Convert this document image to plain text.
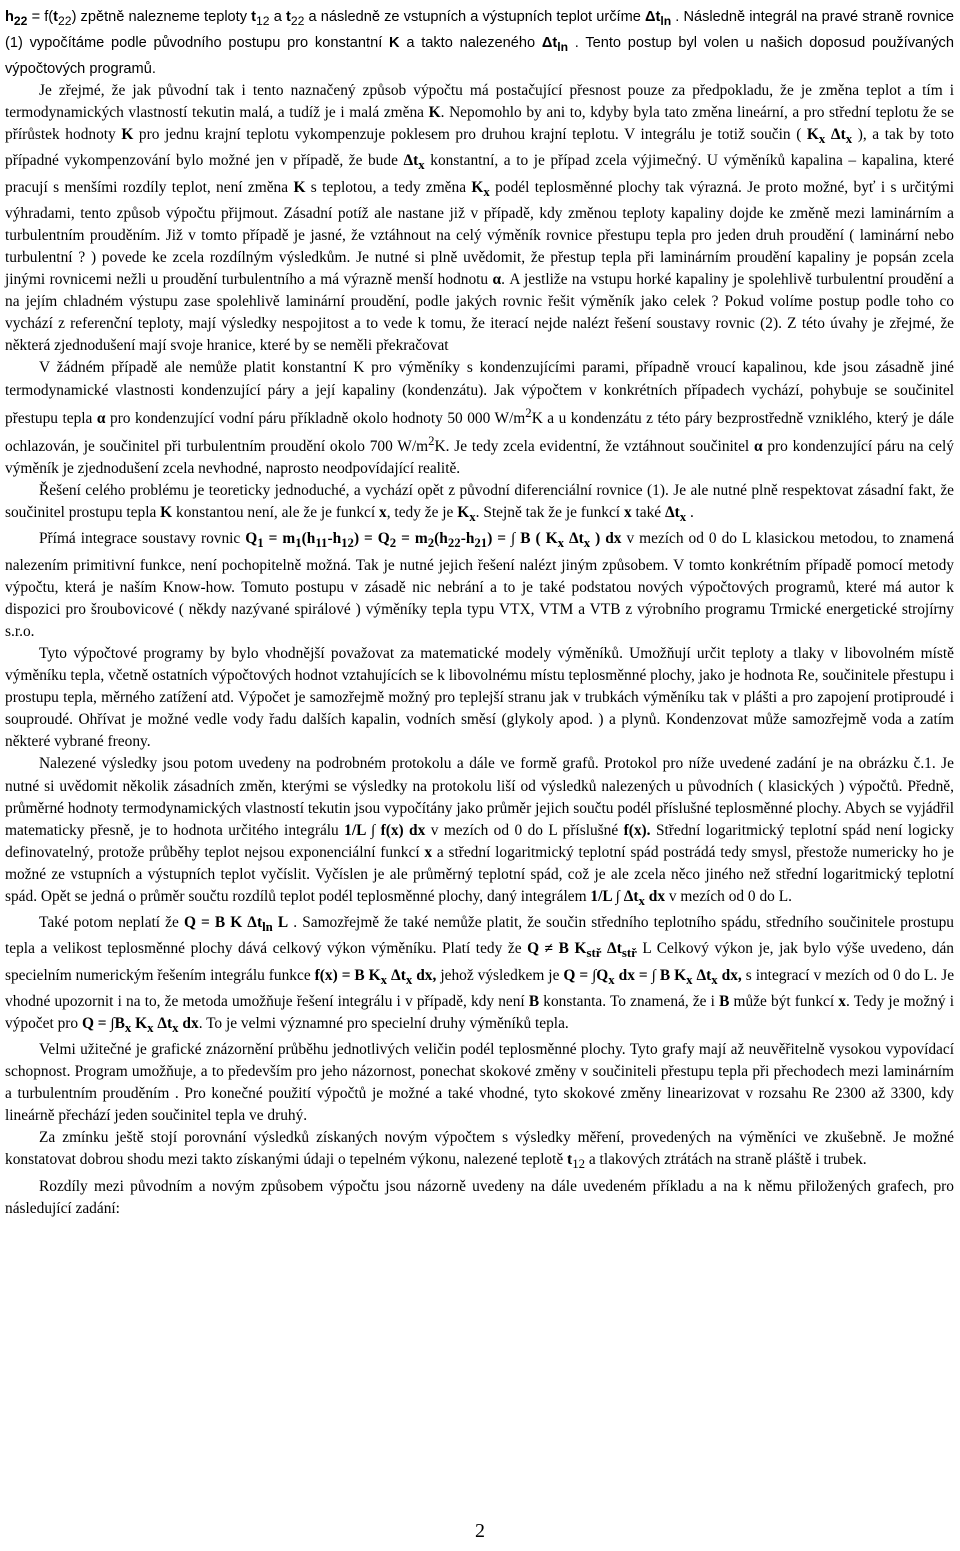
$h_{22} = f(t_{22})$ zpětně nalezneme teploty $t_{12}$ a $t_{22}$ a následně ze vstupních a výstupních teplot určíme $\Delta t_{ln}$ . Následně integrál na pravé straně rovnice (1) vypočítáme podle původního postupu pro konstantní K a takto nalezeného $\Delta t_{ln}$ . Tento postup byl volen u našich doposud používaných výpočtových programů.

Je zřejmé, že jak původní tak i tento naznačený způsob výpočtu má postačující přesnost pouze za předpokladu, že je změna teplot a tím i termodynamických vlastností tekutin malá, a tudíž je i malá změna K. Nepomohlo by ani to, kdyby byla tato změna lineární, a pro střední teplotu že se přírůstek hodnoty K pro jednu krajní teplotu vykompenzuje poklesem pro druhou krajní teplotu. V integrálu je totiž součin ( $K_x$ $\Delta t_x$ ), a tak by toto případné vykompenzování bylo možné jen v případě, že bude $\Delta t_x$ konstantní, a to je případ zcela výjimečný. U výměníků kapalina – kapalina, které pracují s menšími rozdíly teplot, není změna K s teplotou, a tedy změna $K_x$ podél teplosměnné plochy tak výrazná. Je proto možné, byť i s určitými výhradami, tento způsob výpočtu přijmout. Zásadní potíž ale nastane již v případě, kdy změnou teploty kapaliny dojde ke změně mezi laminárním a turbulentním prouděním. Již v tomto případě je jasné, že vztáhnout na celý výměník rovnice přestupu tepla pro jeden druh proudění ( laminární nebo turbulentní ? ) povede ke zcela rozdílným výsledkům. Je nutné si plně uvědomit, že přestup tepla při laminárním proudění kapaliny je popsán zcela jinými rovnicemi nežli u proudění turbulentního a má výrazně menší hodnotu α. A jestliže na vstupu horké kapaliny je spolehlivě turbulentní proudění a na jejím chladném výstupu zase spolehlivě laminární proudění, podle jakých rovnic řešit výměník jako celek ? Pokud volíme postup podle toho co vychází z referenční teploty, mají výsledky nespojitost a to vede k tomu, že iterací nejde nalézt řešení soustavy rovnic (2). Z této úvahy je zřejmé, že některá zjednodušení mají svoje hranice, které by se neměli překračovat

V žádném případě ale nemůže platit konstantní K pro výměníky s kondenzujícími parami, případně vroucí kapalinou, kde jsou zásadně jiné termodynamické vlastnosti kondenzující páry a její kapaliny (kondenzátu). Jak výpočtem v konkrétních případech vychází, pohybuje se součinitel přestupu tepla α pro kondenzující vodní páru příkladně okolo hodnoty 50 000 $W/m^2K$ a u kondenzátu z této páry bezprostředně vzniklého, který je dále ochlazován, je součinitel při turbulentním proudění okolo 700 $W/m^2K$. Je tedy zcela evidentní, že vztáhnout součinitel α pro kondenzující páru na celý výměník je zjednodušení zcela nevhodné, naprosto neodpovídající realitě.

Řešení celého problému je teoreticky jednoduché, a vychází opět z původní diferenciální rovnice (1). Je ale nutné plně respektovat zásadní fakt, že součinitel prostupu tepla K konstantou není, ale že je funkcí x, tedy že je $K_x$. Stejně tak že je funkcí x také $\Delta t_x$ .

Přímá integrace soustavy rovnic $Q_1 = m_1(h_{11}-h_{12}) = Q_2 = m_2(h_{22}-h_{21})$ = ∫ B ( $K_x$ $\Delta t_x$ ) dx v mezích od 0 do L klasickou metodou, to znamená nalezením primitivní funkce, není pochopitelně možná. Tak je nutné jejich řešení nalézt jiným způsobem. V tomto konkrétním případě pomocí metody výpočtu, která je naším Know-how. Tomuto postupu v zásadě nic nebrání a to je také podstatou nových výpočtových programů, které má autor k dispozici pro šroubovicové ( někdy nazývané spirálové ) výměníky tepla typu VTX, VTM a VTB z výrobního programu Trmické energetické strojírny s.r.o.

Tyto výpočtové programy by bylo vhodnější považovat za matematické modely výměníků. Umožňují určit teploty a tlaky v libovolném místě výměníku tepla, včetně ostatních výpočtových hodnot vztahujících se k libovolnému místu teplosměnné plochy, jako je hodnota Re, součinitele přestupu i prostupu tepla, měrného zatížení atd. Výpočet je samozřejmě možný pro teplejší stranu jak v trubkách výměníku tak v plášti a pro zapojení protiproudé i souproudé. Ohřívat je možné vedle vody řadu dalších kapalin, vodních směsí (glykoly apod. ) a plynů. Kondenzovat může samozřejmě voda a zatím některé vybrané freony.

Nalezené výsledky jsou potom uvedeny na podrobném protokolu a dále ve formě grafů. Protokol pro níže uvedené zadání je na obrázku č.1. Je nutné si uvědomit několik zásadních změn, kterými se výsledky na protokolu liší od výsledků nalezených u původních ( klasických ) výpočtů. Předně, průměrné hodnoty termodynamických vlastností tekutin jsou vypočítány jako průměr jejich součtu podél příslušné teplosměnné plochy. Abych se vyjádřil matematicky přesně, je to hodnota určitého integrálu 1/L ∫ f(x) dx v mezích od 0 do L příslušné f(x). Střední logaritmický teplotní spád není logicky definovatelný, protože průběhy teplot nejsou exponenciální funkcí x a střední logaritmický teplotní spád postrádá tedy smysl, přestože numericky ho je možné ze vstupních a výstupních teplot vyčíslit. Vyčíslen je ale průměrný teplotní spád, což je ale zcela něco jiného než střední logaritmický teplotní spád. Opět se jedná o průměr součtu rozdílů teplot podél teplosměnné plochy, daný integrálem 1/L ∫ $\Delta t_x$ dx v mezích od 0 do L.

Také potom neplatí že Q = B K $\Delta t_{ln}$ L . Samozřejmě že také nemůže platit, že součin středního teplotního spádu, středního součinitele prostupu tepla a velikost teplosměnné plochy dává celkový výkon výměníku. Platí tedy že Q ≠ B $K_{stř}$ $\Delta t_{stř}$ L Celkový výkon je, jak bylo výše uvedeno, dán specielním numerickým řešením integrálu funkce f(x) = B $K_x$ $\Delta t_x$ dx, jehož výsledkem je $Q = \int Q_x$ dx = ∫ B $K_x$ $\Delta t_x$ dx, s integrací v mezích od 0 do L. Je vhodné upozornit i na to, že metoda umožňuje řešení integrálu i v případě, kdy není B konstanta. To znamená, že i B může být funkcí x. Tedy je možný i výpočet pro $Q = \int B_x$ $K_x$ $\Delta t_x$ dx. To je velmi významné pro specielní druhy výměníků tepla.

Velmi užitečné je grafické znázornění průběhu jednotlivých veličin podél teplosměnné plochy. Tyto grafy mají až neuvěřitelně vysokou vypovídací schopnost. Program umožňuje, a to především pro jeho názornost, ponechat skokové změny v součiniteli přestupu tepla při přechodech mezi laminárním a turbulentním prouděním . Pro konečné použití výpočtů je možné a také vhodné, tyto skokové změny linearizovat v rozsahu Re 2300 až 3300, kdy lineárně přechází jeden součinitel tepla ve druhý.

Za zmínku ještě stojí porovnání výsledků získaných novým výpočtem s výsledky měření, provedených na výměníci ve zkušebně. Je možné konstatovat dobrou shodu mezi takto získanými údaji o tepelném výkonu, nalezené teplotě $t_{12}$ a tlakových ztrátách na straně pláště i trubek.

Rozdíly mezi původním a novým způsobem výpočtu jsou názorně uvedeny na dále uvedeném příkladu a na k němu přiložených grafech, pro následující zadání:

2
